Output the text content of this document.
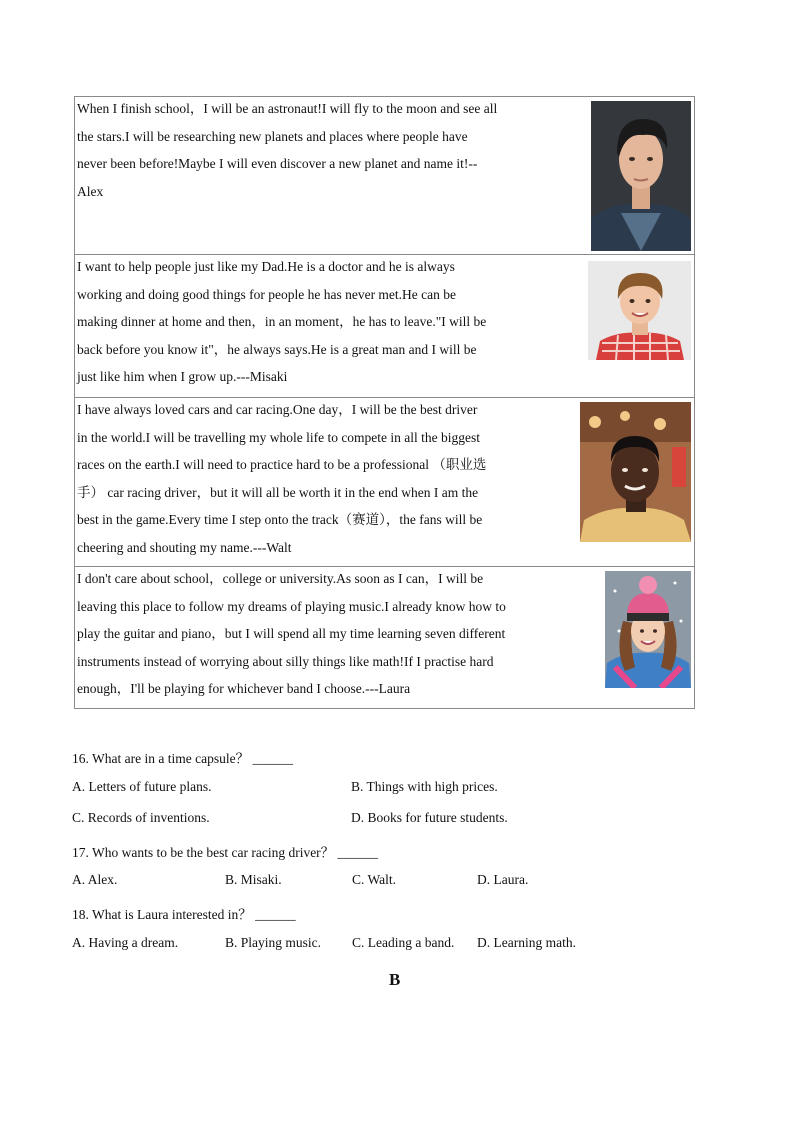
When I finish school，I will be an astronaut!I will fly to the moon and see all
the stars.I will be researching new planets and places where people have
never been before!Maybe I will even discover a new planet and name it!--
Alex
I want to help people just like my Dad.He is a doctor and he is always
working and doing good things for people he has never met.He can be
making dinner at home and then，in an moment，he has to leave."I will be
back before you know it"，he always says.He is a great man and I will be
just like him when I grow up.---Misaki
I have always loved cars and car racing.One day，I will be the best driver
in the world.I will be travelling my whole life to compete in all the biggest
races on the earth.I will need to practice hard to be a professional （职业选
手） car racing driver，but it will all be worth it in the end when I am the
best in the game.Every time I step onto the track（赛道），the fans will be
cheering and shouting my name.---Walt
I don't care about school，college or university.As soon as I can，I will be
leaving this place to follow my dreams of playing music.I already know how to
play the guitar and piano，but I will spend all my time learning seven different
instruments instead of worrying about silly things like math!If I practise hard
enough，I'll be playing for whichever band I choose.---Laura
16. What are in a time capsule？ ______
A. Letters of future plans.	B. Things with high prices.
C. Records of inventions.	D. Books for future students.
17. Who wants to be the best car racing driver？ ______
A. Alex.	B. Misaki.	C. Walt.	D. Laura.
18. What is Laura interested in？ ______
A. Having a dream.	B. Playing music. C. Leading a band. D. Learning math.
B
